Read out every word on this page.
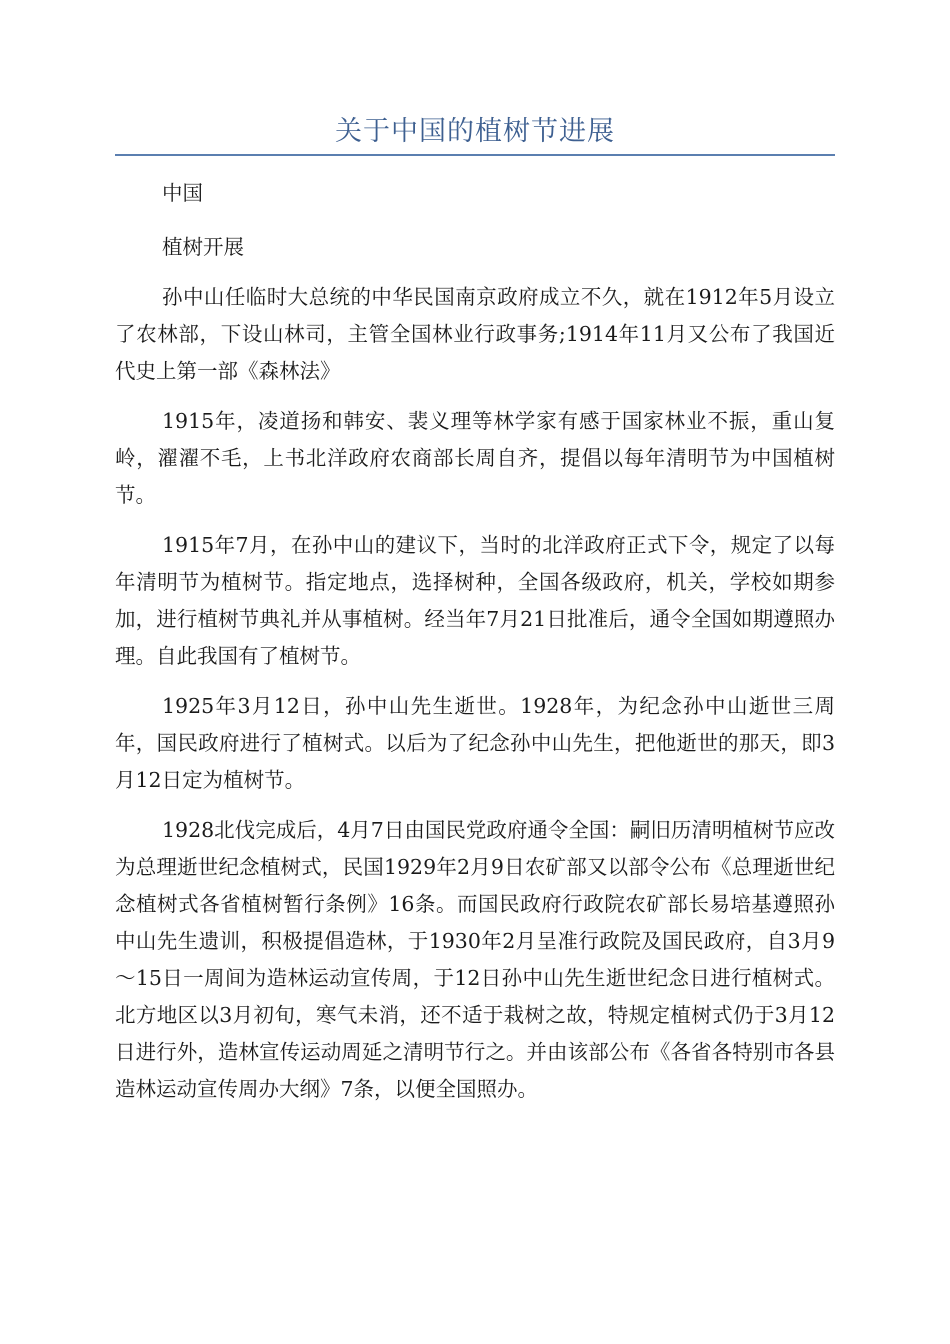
关于中国的植树节进展

中国

植树开展

孙中山任临时大总统的中华民国南京政府成立不久，就在1912年5月设立了农林部，下设山林司，主管全国林业行政事务;1914年11月又公布了我国近代史上第一部《森林法》

1915年，凌道扬和韩安、裴义理等林学家有感于国家林业不振，重山复岭，濯濯不毛，上书北洋政府农商部长周自齐，提倡以每年清明节为中国植树节。

1915年7月，在孙中山的建议下，当时的北洋政府正式下令，规定了以每年清明节为植树节。指定地点，选择树种，全国各级政府，机关，学校如期参加，进行植树节典礼并从事植树。经当年7月21日批准后，通令全国如期遵照办理。自此我国有了植树节。

1925年3月12日，孙中山先生逝世。1928年，为纪念孙中山逝世三周年，国民政府进行了植树式。以后为了纪念孙中山先生，把他逝世的那天，即3月12日定为植树节。

1928北伐完成后，4月7日由国民党政府通令全国：嗣旧历清明植树节应改为总理逝世纪念植树式，民国1929年2月9日农矿部又以部令公布《总理逝世纪念植树式各省植树暂行条例》16条。而国民政府行政院农矿部长易培基遵照孙中山先生遗训，积极提倡造林，于1930年2月呈准行政院及国民政府，自3月9～15日一周间为造林运动宣传周，于12日孙中山先生逝世纪念日进行植树式。北方地区以3月初旬，寒气未消，还不适于栽树之故，特规定植树式仍于3月12日进行外，造林宣传运动周延之清明节行之。并由该部公布《各省各特别市各县造林运动宣传周办大纲》7条，以便全国照办。
